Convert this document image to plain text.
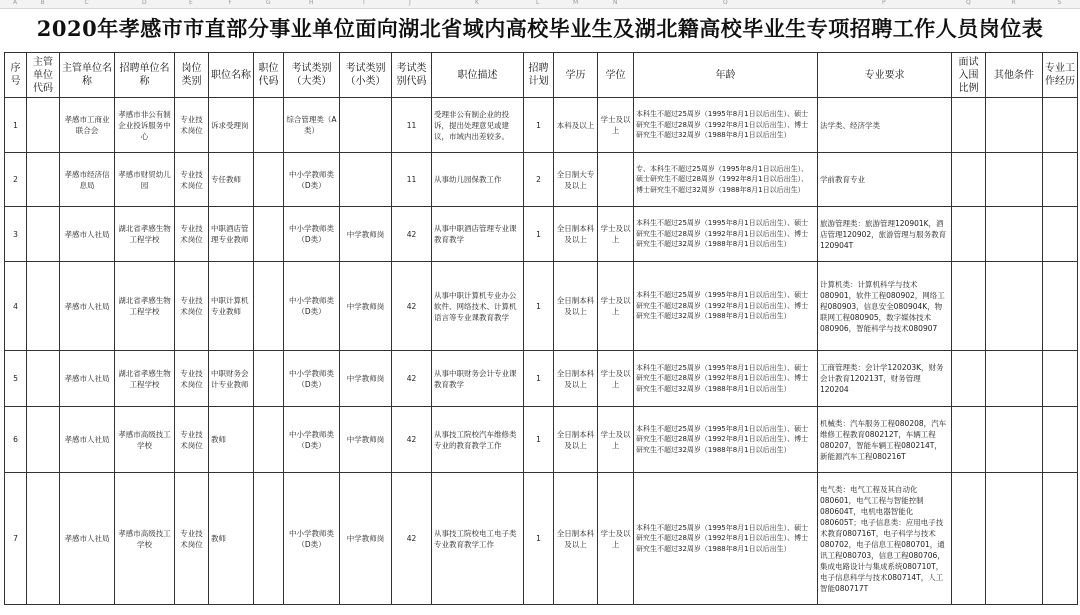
A	B	C	D	E	F	G	H	I	J	K	L	M	N	O	P	Q	R	S
2020年孝感市市直部分事业单位面向湖北省域内高校毕业生及湖北籍高校毕业生专项招聘工作人员岗位表
序号	主管单位代码	主管单位名称	招聘单位名称	岗位类别	职位名称	职位代码	考试类别（大类）	考试类别（小类）	考试类别代码	职位描述	招聘计划	学历	学位	年龄	专业要求	面试入围比例	其他条件	专业工作经历
1		孝感市工商业联合会	孝感市非公有制企业投诉服务中心	专业技术岗位	诉求受理岗		综合管理类（A类）		11	受理非公有制企业的投诉，提出处理意见或建议，市域内出差较多。	1	本科及以上	学士及以上	本科生不超过25周岁（1995年8月1日以后出生）、硕士研究生不超过28周岁（1992年8月1日以后出生）、博士研究生不超过32周岁（1988年8月1日以后出生）	法学类、经济学类			
2		孝感市经济信息局	孝感市财贸幼儿园	专业技术岗位	专任教师		中小学教师类（D类）		11	从事幼儿园保教工作	2	全日制大专及以上		专、本科生不超过25周岁（1995年8月1日以后出生）、硕士研究生不超过28周岁（1992年8月1日以后出生）、博士研究生不超过32周岁（1988年8月1日以后出生）	学前教育专业			
3		孝感市人社局	湖北省孝感生物工程学校	专业技术岗位	中职酒店管理专业教师		中小学教师类（D类）	中学教师岗	42	从事中职酒店管理专业课教育教学	1	全日制本科及以上	学士及以上	本科生不超过25周岁（1995年8月1日以后出生）、硕士研究生不超过28周岁（1992年8月1日以后出生）、博士研究生不超过32周岁（1988年8月1日以后出生）	旅游管理类：旅游管理120901K，酒店管理120902，旅游管理与服务教育120904T			
4		孝感市人社局	湖北省孝感生物工程学校	专业技术岗位	中职计算机专业教师		中小学教师类（D类）	中学教师岗	42	从事中职计算机专业办公软件、网络技术、计算机语言等专业课教育教学	1	全日制本科及以上	学士及以上	本科生不超过25周岁（1995年8月1日以后出生）、硕士研究生不超过28周岁（1992年8月1日以后出生）、博士研究生不超过32周岁（1988年8月1日以后出生）	计算机类：计算机科学与技术080901，软件工程080902，网络工程080903，信息安全080904K，物联网工程080905，数字媒体技术080906，智能科学与技术080907			
5		孝感市人社局	湖北省孝感生物工程学校	专业技术岗位	中职财务会计专业教师		中小学教师类（D类）	中学教师岗	42	从事中职财务会计专业课教育教学	1	全日制本科及以上	学士及以上	本科生不超过25周岁（1995年8月1日以后出生）、硕士研究生不超过28周岁（1992年8月1日以后出生）、博士研究生不超过32周岁（1988年8月1日以后出生）	工商管理类：会计学120203K，财务会计教育120213T，财务管理120204			
6		孝感市人社局	孝感市高级技工学校	专业技术岗位	教师		中小学教师类（D类）	中学教师岗	42	从事技工院校汽车维修类专业的教育教学工作	1	全日制本科及以上	学士及以上	本科生不超过25周岁（1995年8月1日以后出生）、硕士研究生不超过28周岁（1992年8月1日以后出生）、博士研究生不超过32周岁（1988年8月1日以后出生）	机械类：汽车服务工程080208，汽车维修工程教育080212T，车辆工程080207，智能车辆工程080214T，新能源汽车工程080216T			
7		孝感市人社局	孝感市高级技工学校	专业技术岗位	教师		中小学教师类（D类）	中学教师岗	42	从事技工院校电工电子类专业教育教学工作	1	全日制本科及以上	学士及以上	本科生不超过25周岁（1995年8月1日以后出生）、硕士研究生不超过28周岁（1992年8月1日以后出生）、博士研究生不超过32周岁（1988年8月1日以后出生）	电气类：电气工程及其自动化080601，电气工程与智能控制080604T，电机电器智能化080605T；电子信息类：应用电子技术教育080716T，电子科学与技术080702，电子信息工程080701，通讯工程080703，信息工程080706，集成电路设计与集成系统080710T，电子信息科学与技术080714T，人工智能080717T			
